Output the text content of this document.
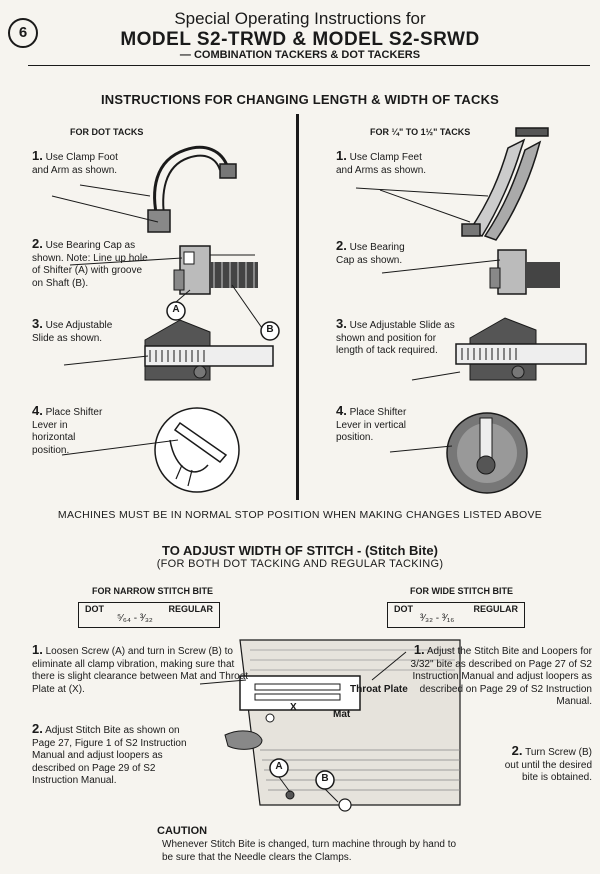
6
Special Operating Instructions for
MODEL S2-TRWD & MODEL S2-SRWD
— COMBINATION TACKERS & DOT TACKERS
INSTRUCTIONS FOR CHANGING LENGTH & WIDTH OF TACKS
FOR DOT TACKS	FOR ¼" TO 1½" TACKS
1. Use Clamp Foot and Arm as shown.
2. Use Bearing Cap as shown. Note: Line up hole of Shifter (A) with groove on Shaft (B).
3. Use Adjustable Slide as shown.
4. Place Shifter Lever in horizontal position.
1. Use Clamp Feet and Arms as shown.
2. Use Bearing Cap as shown.
3. Use Adjustable Slide as shown and position for length of tack required.
4. Place Shifter Lever in vertical position.
A
B
MACHINES MUST BE IN NORMAL STOP POSITION WHEN MAKING CHANGES LISTED ABOVE
TO ADJUST WIDTH OF STITCH - (Stitch Bite)
(FOR BOTH DOT TACKING AND REGULAR TACKING)
FOR NARROW STITCH BITE	FOR WIDE STITCH BITE
DOT	REGULAR
⁵⁄₆₄ - ³⁄₃₂
DOT	REGULAR
³⁄₃₂ - ³⁄₁₆
1. Loosen Screw (A) and turn in Screw (B) to eliminate all clamp vibration, making sure that there is slight clearance between Mat and Throat Plate at (X).
2. Adjust Stitch Bite as shown on Page 27, Figure 1 of S2 Instruction Manual and adjust loopers as described on Page 29 of S2 Instruction Manual.
1. Adjust the Stitch Bite and Loopers for 3/32" bite as described on Page 27 of S2 Instruction Manual and adjust loopers as described on Page 29 of S2 Instruction Manual.
2. Turn Screw (B) out until the desired bite is obtained.
Throat Plate
Mat
X
A
B
CAUTION
Whenever Stitch Bite is changed, turn machine through by hand to be sure that the Needle clears the Clamps.
